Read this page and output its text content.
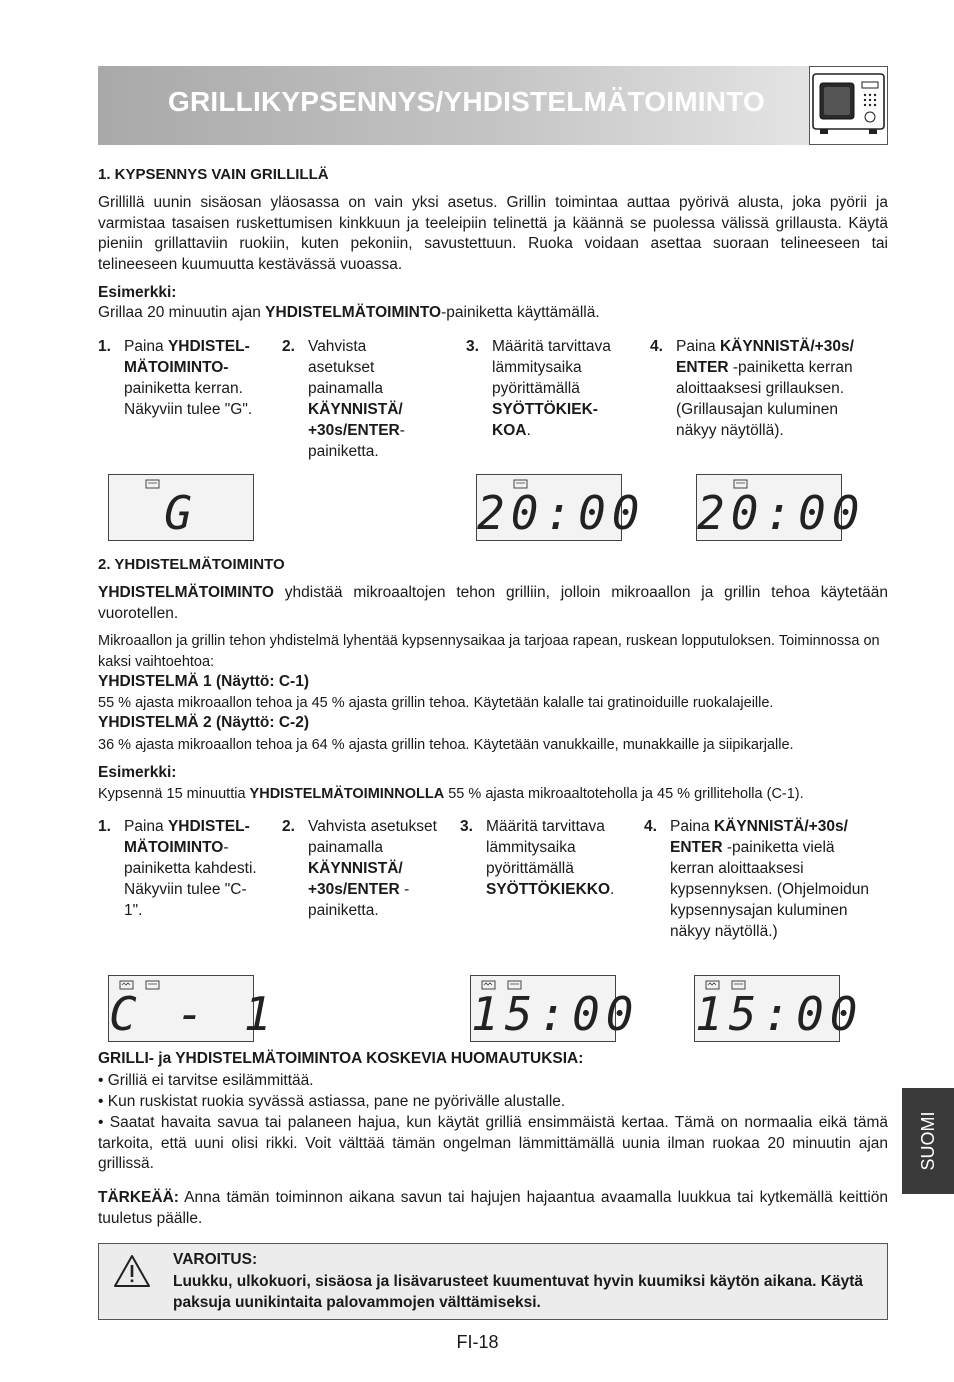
GRILLIKYPSENNYS/YHDISTELMÄTOIMINTO
1. KYPSENNYS VAIN GRILLILLÄ
Grillillä uunin sisäosan yläosassa on vain yksi asetus. Grillin toimintaa auttaa pyörivä alusta, joka pyörii ja varmistaa tasaisen ruskettumisen kinkkuun ja teeleipiin telinettä ja käännä se puolessa välissä grillausta. Käytä pieniin grillattaviin ruokiin, kuten pekoniin, savustettuun. Ruoka voidaan asettaa suoraan telineeseen tai telineeseen kuumuutta kestävässä vuoassa.
Esimerkki:
Grillaa 20 minuutin ajan YHDISTELMÄTOIMINTO-painiketta käyttämällä.
1. Paina YHDISTEL- MÄTOIMINTO- painiketta kerran. Näkyviin tulee "G".
2. Vahvista asetukset painamalla KÄYNNISTÄ/ +30s/ENTER- painiketta.
3. Määritä tarvittava lämmitysaika pyörittämällä SYÖTTÖKIEK- KOA.
4. Paina KÄYNNISTÄ/+30s/ ENTER -painiketta kerran aloittaaksesi grillauksen. (Grillausajan kuluminen näkyy näytöllä).
G	20:00 20:00
2. YHDISTELMÄTOIMINTO
YHDISTELMÄTOIMINTO yhdistää mikroaaltojen tehon grilliin, jolloin mikroaallon ja grillin tehoa käytetään vuorotellen.
Mikroaallon ja grillin tehon yhdistelmä lyhentää kypsennysaikaa ja tarjoaa rapean, ruskean lopputuloksen. Toiminnossa on kaksi vaihtoehtoa:
YHDISTELMÄ 1 (Näyttö: C-1)
55 % ajasta mikroaallon tehoa ja 45 % ajasta grillin tehoa. Käytetään kalalle tai gratinoiduille ruokalajeille.
YHDISTELMÄ 2 (Näyttö: C-2)
36 % ajasta mikroaallon tehoa ja 64 % ajasta grillin tehoa. Käytetään vanukkaille, munakkaille ja siipikarjalle.
Esimerkki:
Kypsennä 15 minuuttia YHDISTELMÄTOIMINNOLLA 55 % ajasta mikroaaltoteholla ja 45 % grilliteholla (C-1).
1. Paina YHDISTEL- MÄTOIMINTO- painiketta kahdesti. Näkyviin tulee "C-1".
2. Vahvista asetukset painamalla KÄYNNISTÄ/ +30s/ENTER -painiketta.
3. Määritä tarvittava lämmitysaika pyörittämällä SYÖTTÖKIEKKO.
4. Paina KÄYNNISTÄ/+30s/ ENTER -painiketta vielä kerran aloittaaksesi kypsennyksen. (Ohjelmoidun kypsennysajan kuluminen näkyy näytöllä.)
C - 1	15:00 15:00
GRILLI- ja YHDISTELMÄTOIMINTOA KOSKEVIA HUOMAUTUKSIA:
• Grilliä ei tarvitse esilämmittää.
• Kun ruskistat ruokia syvässä astiassa, pane ne pyörivälle alustalle.
• Saatat havaita savua tai palaneen hajua, kun käytät grilliä ensimmäistä kertaa. Tämä on normaalia eikä tämä tarkoita, että uuni olisi rikki. Voit välttää tämän ongelman lämmittämällä uunia ilman ruokaa 20 minuutin ajan grillissä.
TÄRKEÄÄ: Anna tämän toiminnon aikana savun tai hajujen hajaantua avaamalla luukkua tai kytkemällä keittiön tuuletus päälle.
SUOMI
VAROITUS:
Luukku, ulkokuori, sisäosa ja lisävarusteet kuumentuvat hyvin kuumiksi käytön aikana. Käytä paksuja uunikintaita palovammojen välttämiseksi.
FI-18
